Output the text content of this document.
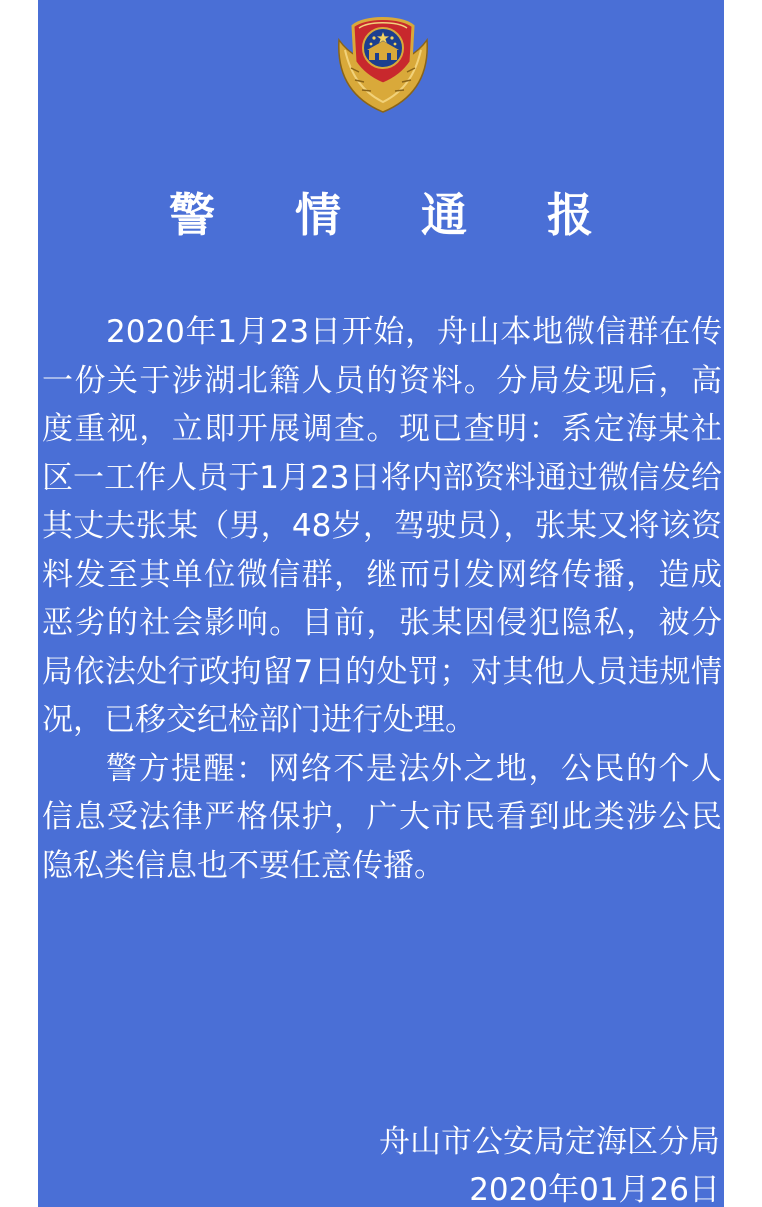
警 情 通 报

2020年1月23日开始，舟山本地微信群在传一份关于涉湖北籍人员的资料。分局发现后，高度重视，立即开展调查。现已查明：系定海某社区一工作人员于1月23日将内部资料通过微信发给其丈夫张某（男，48岁，驾驶员），张某又将该资料发至其单位微信群，继而引发网络传播，造成恶劣的社会影响。目前，张某因侵犯隐私，被分局依法处行政拘留7日的处罚；对其他人员违规情况，已移交纪检部门进行处理。

警方提醒：网络不是法外之地，公民的个人信息受法律严格保护，广大市民看到此类涉公民隐私类信息也不要任意传播。

舟山市公安局定海区分局
2020年01月26日
